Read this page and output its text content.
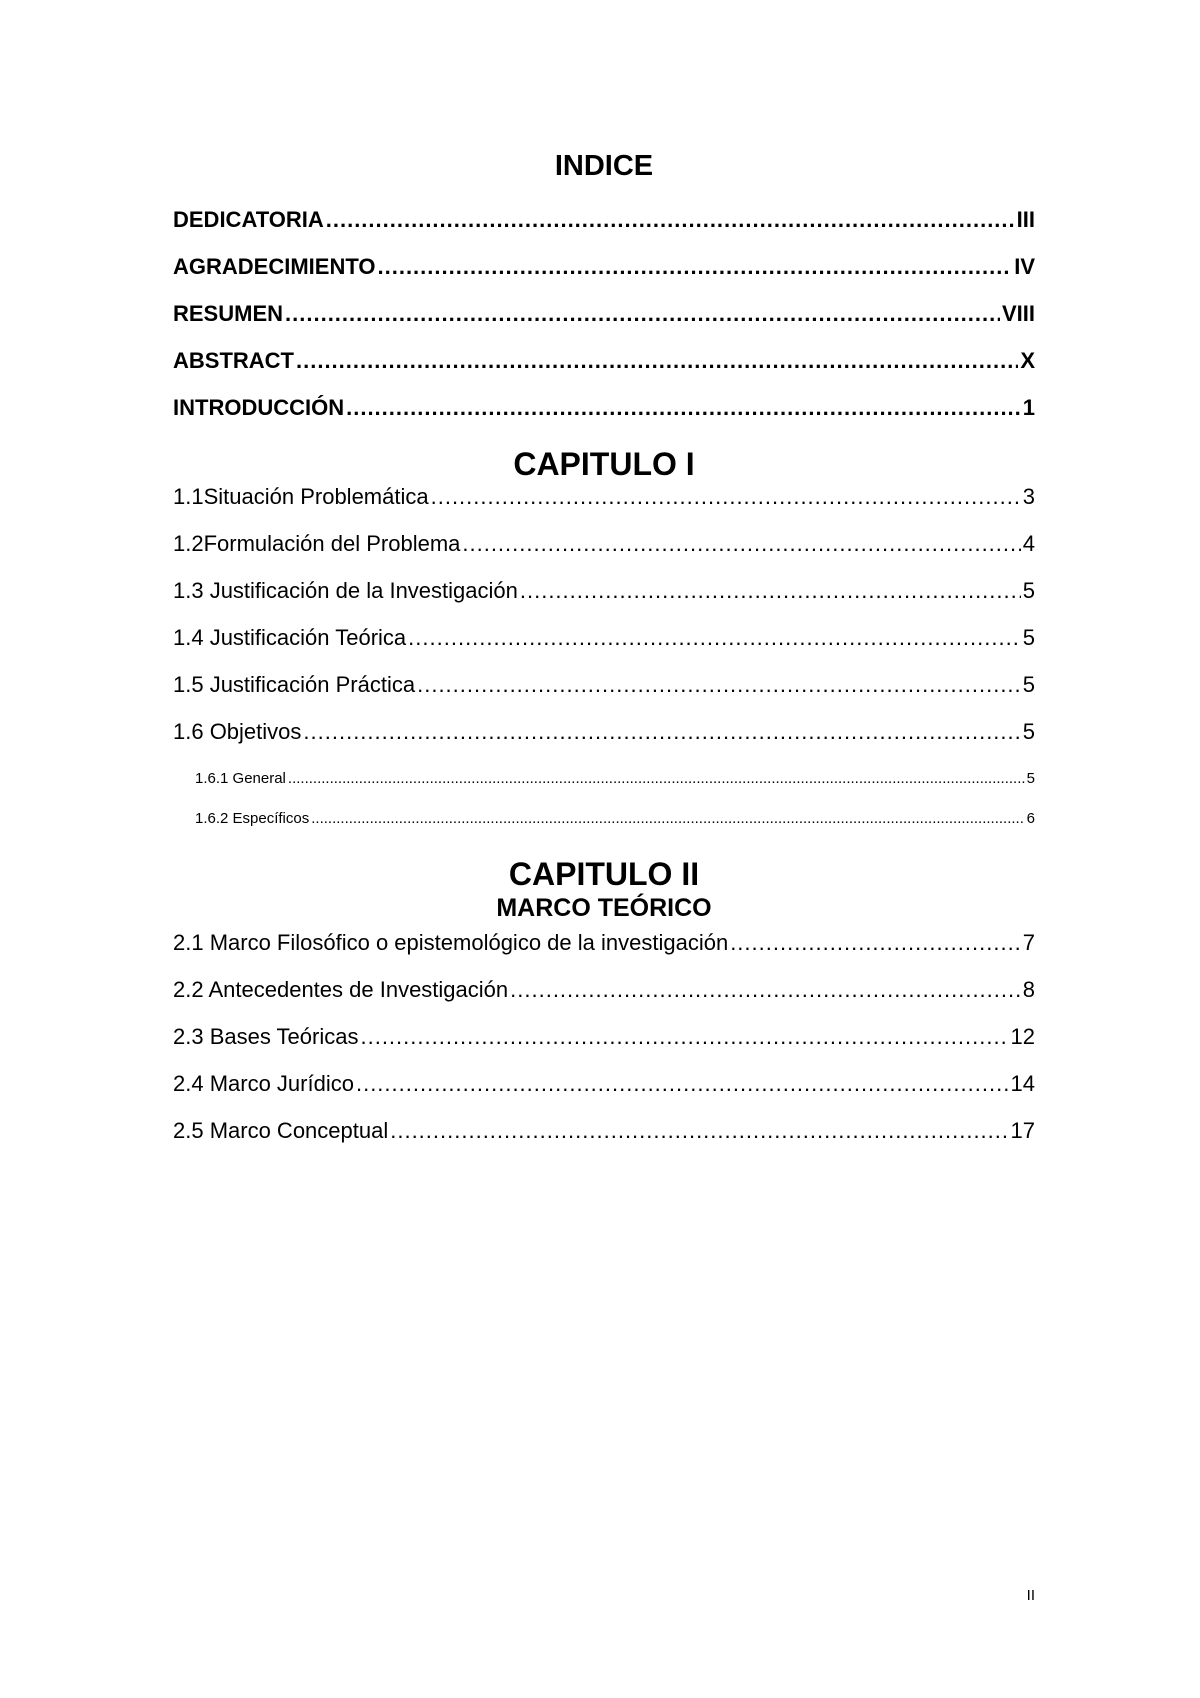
INDICE
DEDICATORIA .....	III
AGRADECIMIENTO .....	IV
RESUMEN .....	VIII
ABSTRACT .....	X
INTRODUCCIÓN .....	1
CAPITULO I
1.1 Situación Problemática .....	3
1.2 Formulación del Problema .....	4
1.3 Justificación de la Investigación .....	5
1.4 Justificación Teórica .....	5
1.5 Justificación Práctica .....	5
1.6 Objetivos .....	5
1.6.1 General .....	5
1.6.2 Específicos .....	6
CAPITULO II
MARCO TEÓRICO
2.1 Marco Filosófico o epistemológico de la investigación .....	7
2.2 Antecedentes de Investigación .....	8
2.3 Bases Teóricas .....	12
2.4 Marco Jurídico .....	14
2.5 Marco Conceptual .....	17
II
